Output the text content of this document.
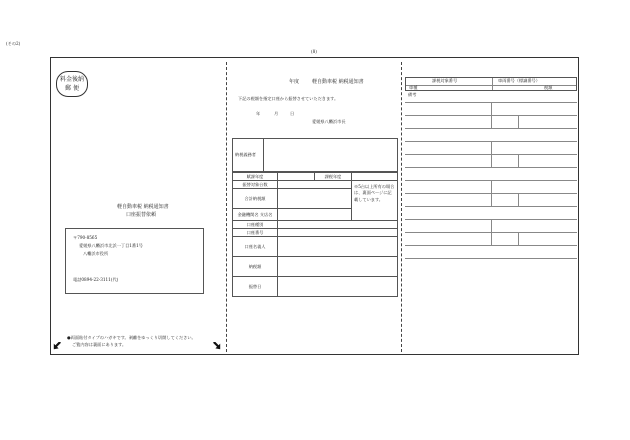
(その2)
(8)
料金後納
郵 便
軽自動車税 納税通知書
口座振替依頼
〒790-8565
愛媛県八幡浜市北浜一丁目1番1号
八幡浜市役所
電話0894-22-3111(代)
●両面貼付タイプのハガキです。剥離をゆっくり切開してください。
ご覧内容は裏面にあります。
年度	軽自動車税 納税通知書
下記の税額を指定口座から振替させていただきます。
年	月	日
愛媛県八幡浜市長
納税義務者	
賦課年度		課税年度	
振替対象台数			※5台以上所有の場合は、裏面ページに記載しています。
合計納税額			
金融機関名 支店名			
口座種別			
口座番号			
口座名義人			
納税額			
振替日			
課税対象番号	車両番号（標識番号）
車種	税額
備考
